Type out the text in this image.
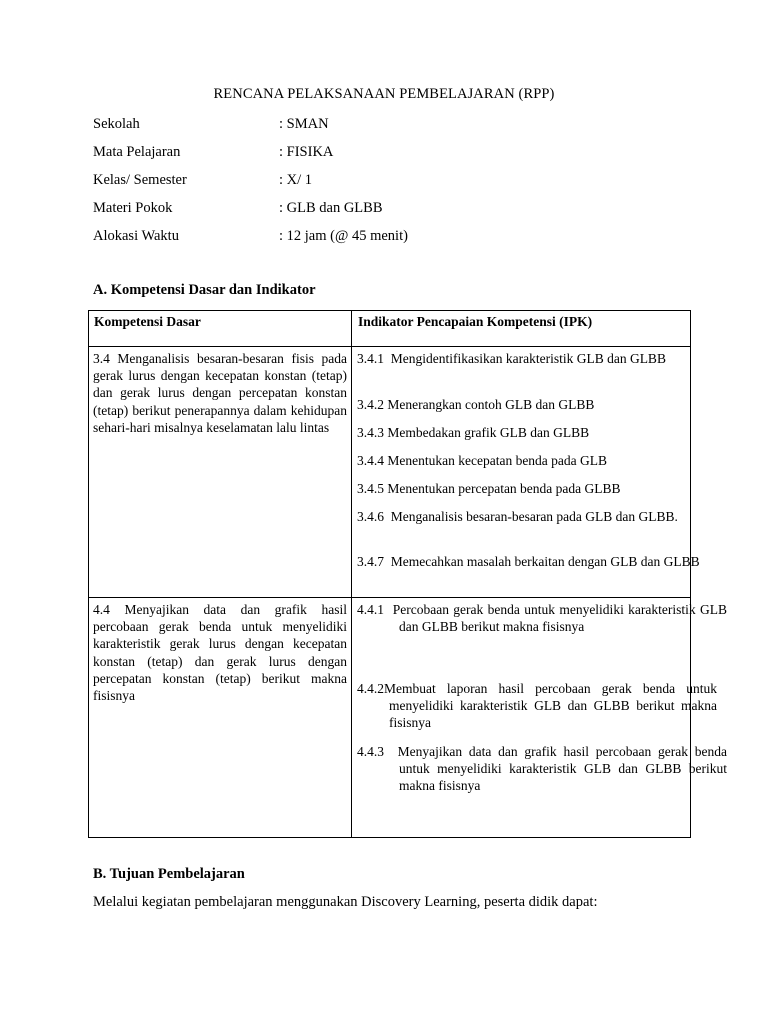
RENCANA PELAKSANAAN PEMBELAJARAN (RPP)
Sekolah	: SMAN
Mata Pelajaran	: FISIKA
Kelas/ Semester	: X/ 1
Materi Pokok	: GLB dan GLBB
Alokasi Waktu	: 12 jam (@ 45 menit)
A. Kompetensi Dasar dan Indikator
Kompetensi Dasar	Indikator Pencapaian Kompetensi (IPK)
3.4 Menganalisis besaran-besaran fisis pada gerak lurus dengan kecepatan konstan (tetap) dan gerak lurus dengan percepatan konstan (tetap) berikut penerapannya dalam kehidupan sehari-hari misalnya keselamatan lalu lintas
3.4.1 Mengidentifikasikan karakteristik GLB dan GLBB
3.4.2 Menerangkan contoh GLB dan GLBB
3.4.3 Membedakan grafik GLB dan GLBB
3.4.4 Menentukan kecepatan benda pada GLB
3.4.5 Menentukan percepatan benda pada GLBB
3.4.6 Menganalisis besaran-besaran pada GLB dan GLBB.
3.4.7 Memecahkan masalah berkaitan dengan GLB dan GLBB
4.4 Menyajikan data dan grafik hasil percobaan gerak benda untuk menyelidiki karakteristik gerak lurus dengan kecepatan konstan (tetap) dan gerak lurus dengan percepatan konstan (tetap) berikut makna fisisnya
4.4.1 Percobaan gerak benda untuk menyelidiki karakteristik GLB dan GLBB berikut makna fisisnya
4.4.2Membuat laporan hasil percobaan gerak benda untuk menyelidiki karakteristik GLB dan GLBB berikut makna fisisnya
4.4.3 Menyajikan data dan grafik hasil percobaan gerak benda untuk menyelidiki karakteristik GLB dan GLBB berikut makna fisisnya
B. Tujuan Pembelajaran
Melalui kegiatan pembelajaran menggunakan Discovery Learning, peserta didik dapat:
